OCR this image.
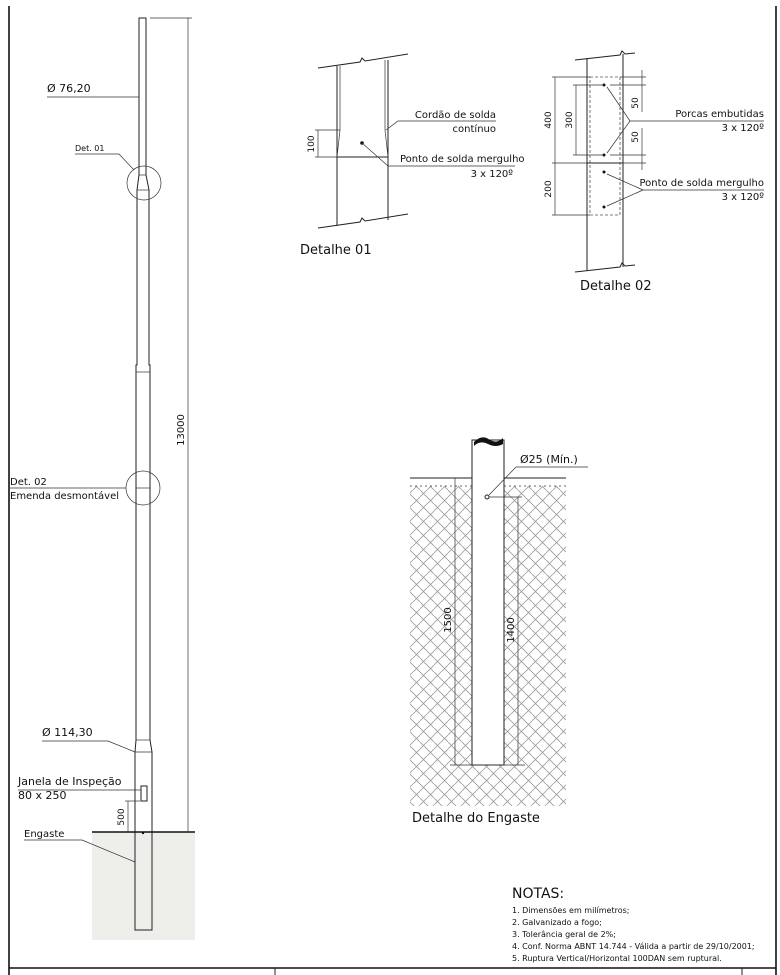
13000
Ø 76,20
Det. 01
Det. 02
Emenda desmontável
Ø 114,30
Janela de Inspeção
80 x 250
500
Engaste
100
Ponto de solda mergulho
3 x 120º
Cordão de solda
contínuo
Detalhe 01
400 300
200
50
50
Porcas embutidas
3 x 120º
Ponto de solda mergulho
3 x 120º
Detalhe 02
Ø25 (Mín.)
1500	1400
Detalhe do Engaste
NOTAS:
1. Dimensões em milímetros;
2. Galvanizado a fogo;
3. Tolerância geral de 2%;
4. Conf. Norma ABNT 14.744 - Válida a partir de 29/10/2001;
5. Ruptura Vertical/Horizontal 100DAN sem ruptural.
